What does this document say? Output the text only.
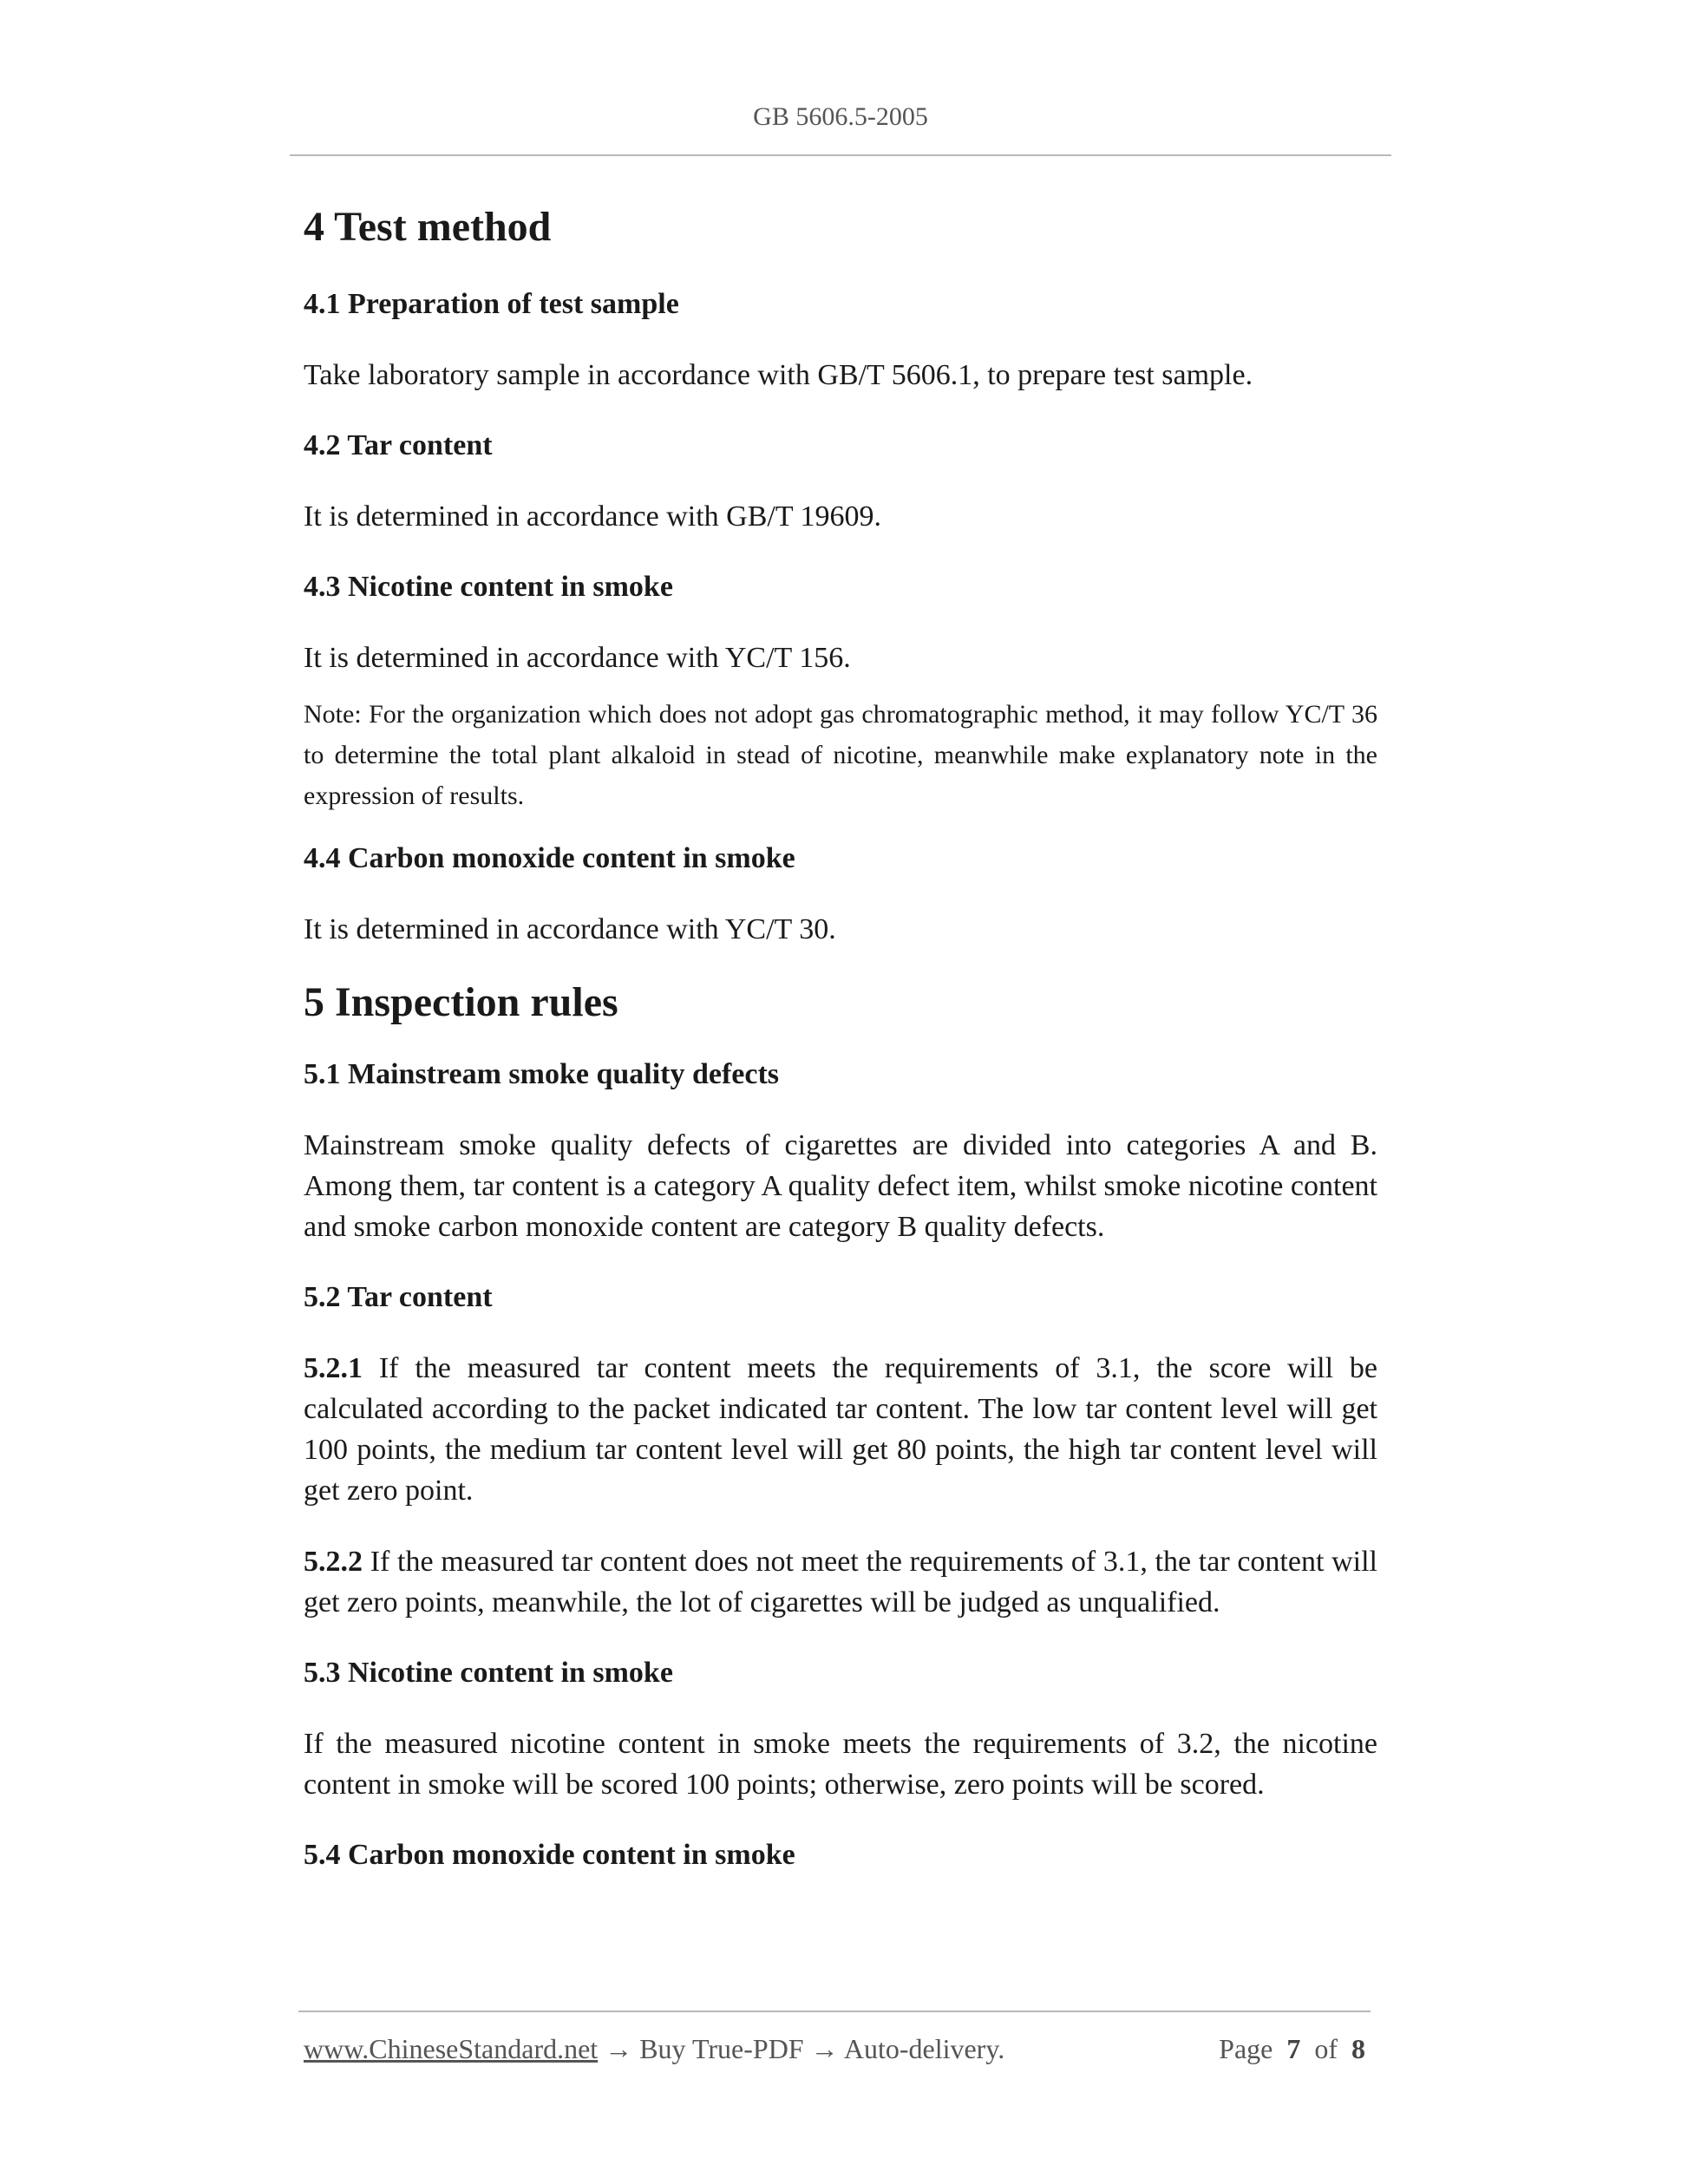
GB 5606.5-2005
4 Test method
4.1 Preparation of test sample

Take laboratory sample in accordance with GB/T 5606.1, to prepare test sample.

4.2 Tar content

It is determined in accordance with GB/T 19609.

4.3 Nicotine content in smoke

It is determined in accordance with YC/T 156.

Note: For the organization which does not adopt gas chromatographic method, it may follow YC/T 36 to determine the total plant alkaloid in stead of nicotine, meanwhile make explanatory note in the expression of results.

4.4 Carbon monoxide content in smoke

It is determined in accordance with YC/T 30.

5 Inspection rules
5.1 Mainstream smoke quality defects

Mainstream smoke quality defects of cigarettes are divided into categories A and B. Among them, tar content is a category A quality defect item, whilst smoke nicotine content and smoke carbon monoxide content are category B quality defects.

5.2 Tar content

5.2.1 If the measured tar content meets the requirements of 3.1, the score will be calculated according to the packet indicated tar content. The low tar content level will get 100 points, the medium tar content level will get 80 points, the high tar content level will get zero point.

5.2.2 If the measured tar content does not meet the requirements of 3.1, the tar content will get zero points, meanwhile, the lot of cigarettes will be judged as unqualified.

5.3 Nicotine content in smoke

If the measured nicotine content in smoke meets the requirements of 3.2, the nicotine content in smoke will be scored 100 points; otherwise, zero points will be scored.

5.4 Carbon monoxide content in smoke
www.ChineseStandard.net → Buy True-PDF → Auto-delivery.	Page 7 of 8
